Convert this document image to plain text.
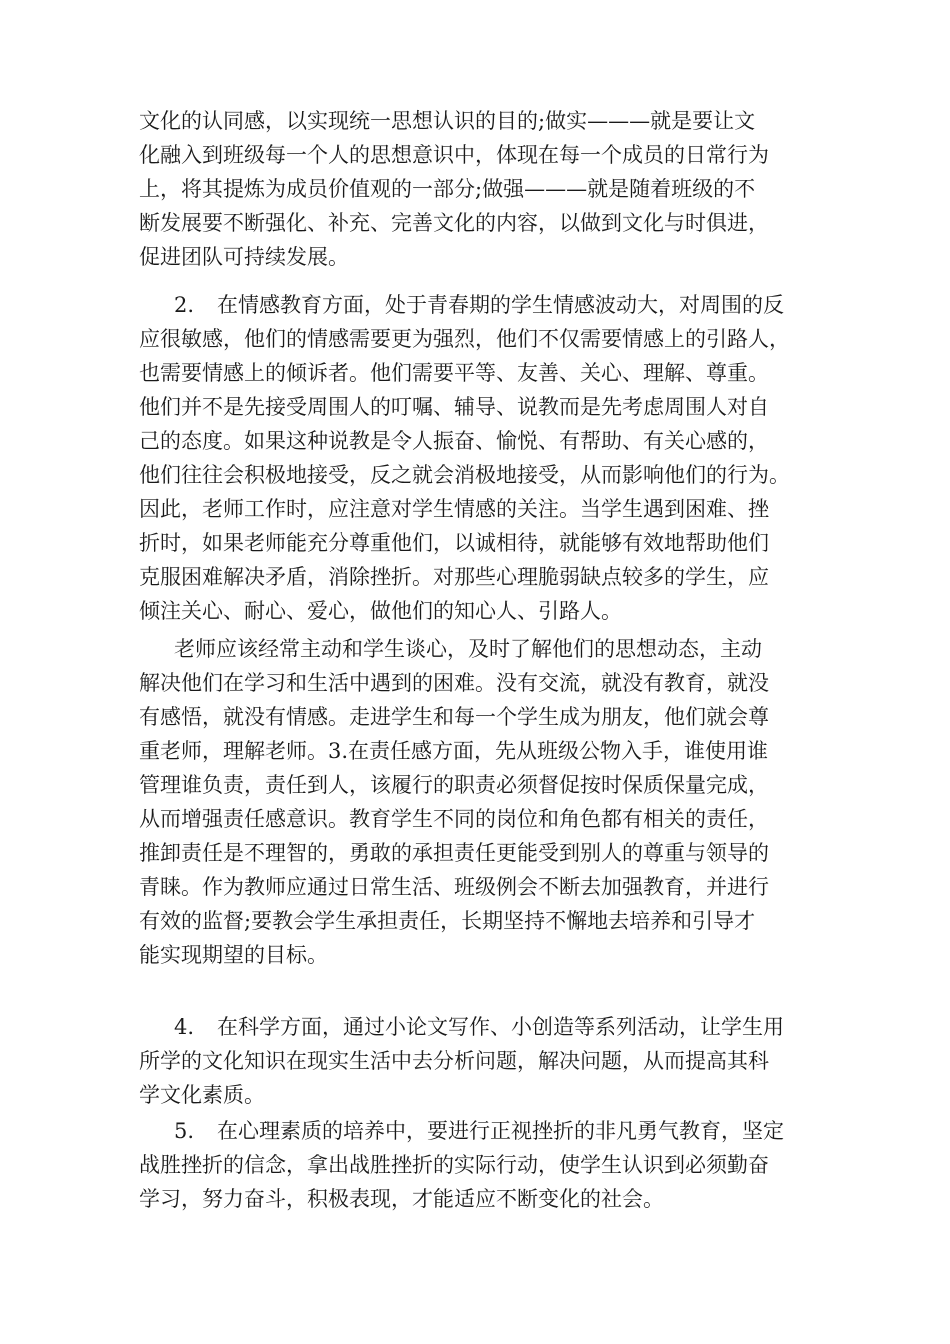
文化的认同感，以实现统一思想认识的目的;做实———就是要让文
化融入到班级每一个人的思想意识中，体现在每一个成员的日常行为
上，将其提炼为成员价值观的一部分;做强———就是随着班级的不
断发展要不断强化、补充、完善文化的内容，以做到文化与时俱进，
促进团队可持续发展。
2. 在情感教育方面，处于青春期的学生情感波动大，对周围的反
应很敏感，他们的情感需要更为强烈，他们不仅需要情感上的引路人，
也需要情感上的倾诉者。他们需要平等、友善、关心、理解、尊重。
他们并不是先接受周围人的叮嘱、辅导、说教而是先考虑周围人对自
己的态度。如果这种说教是令人振奋、愉悦、有帮助、有关心感的，
他们往往会积极地接受，反之就会消极地接受，从而影响他们的行为。
因此，老师工作时，应注意对学生情感的关注。当学生遇到困难、挫
折时，如果老师能充分尊重他们，以诚相待，就能够有效地帮助他们
克服困难解决矛盾，消除挫折。对那些心理脆弱缺点较多的学生，应
倾注关心、耐心、爱心，做他们的知心人、引路人。
老师应该经常主动和学生谈心，及时了解他们的思想动态，主动
解决他们在学习和生活中遇到的困难。没有交流，就没有教育，就没
有感悟，就没有情感。走进学生和每一个学生成为朋友，他们就会尊
重老师，理解老师。3.在责任感方面，先从班级公物入手，谁使用谁
管理谁负责，责任到人，该履行的职责必须督促按时保质保量完成，
从而增强责任感意识。教育学生不同的岗位和角色都有相关的责任，
推卸责任是不理智的，勇敢的承担责任更能受到别人的尊重与领导的
青睐。作为教师应通过日常生活、班级例会不断去加强教育，并进行
有效的监督;要教会学生承担责任，长期坚持不懈地去培养和引导才
能实现期望的目标。
4. 在科学方面，通过小论文写作、小创造等系列活动，让学生用
所学的文化知识在现实生活中去分析问题，解决问题，从而提高其科
学文化素质。
5. 在心理素质的培养中，要进行正视挫折的非凡勇气教育，坚定
战胜挫折的信念，拿出战胜挫折的实际行动，使学生认识到必须勤奋
学习，努力奋斗，积极表现，才能适应不断变化的社会。
